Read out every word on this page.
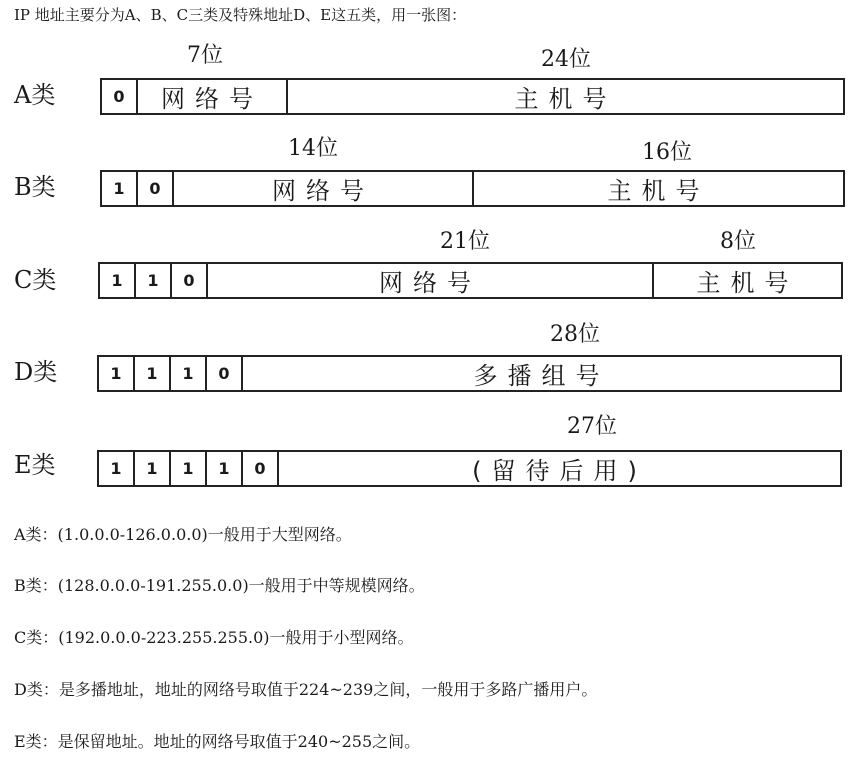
IP 地址主要分为A、B、C三类及特殊地址D、E这五类，用一张图：
A类
7位	24位
0	网络号	主机号
B类
14位	16位
1	0	网络号	主机号
C类
21位	8位
1	1	0	网络号	主机号
D类
28位
1	1	1	0	多播组号
E类
27位
1	1	1	1	0	(留待后用)
A类：(1.0.0.0-126.0.0.0)一般用于大型网络。
B类：(128.0.0.0-191.255.0.0)一般用于中等规模网络。
C类：(192.0.0.0-223.255.255.0)一般用于小型网络。
D类：是多播地址，地址的网络号取值于224~239之间，一般用于多路广播用户。
E类：是保留地址。地址的网络号取值于240~255之间。
